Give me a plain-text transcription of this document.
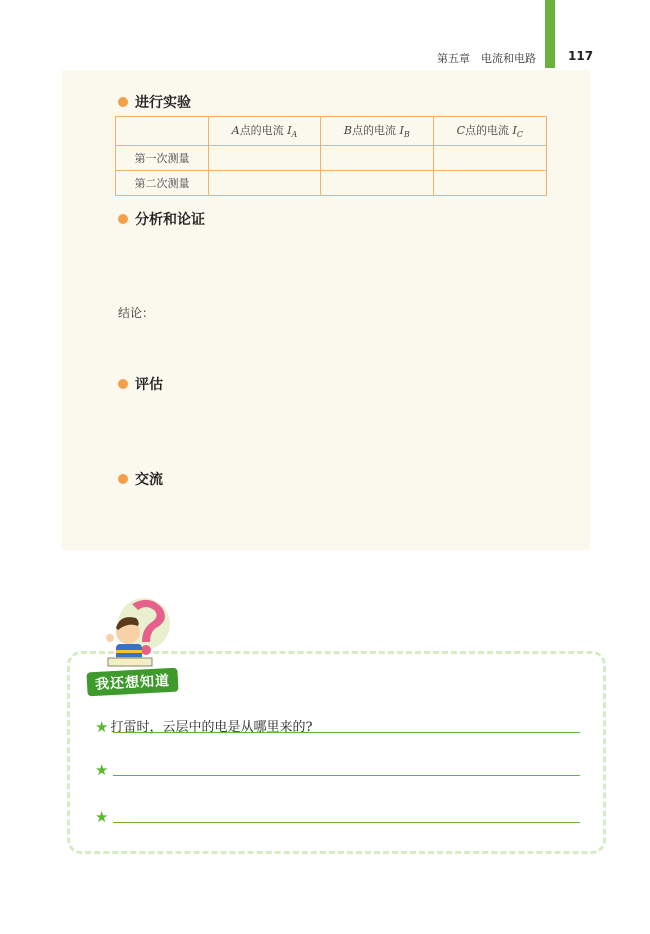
第五章　电流和电路	117
进行实验
	A点的电流 $I_A$	B点的电流 $I_B$	C点的电流 $I_C$
第一次测量			
第二次测量			
分析和论证
结论：
评估
交流
我还想知道
★ 打雷时，云层中的电是从哪里来的?
★
★
